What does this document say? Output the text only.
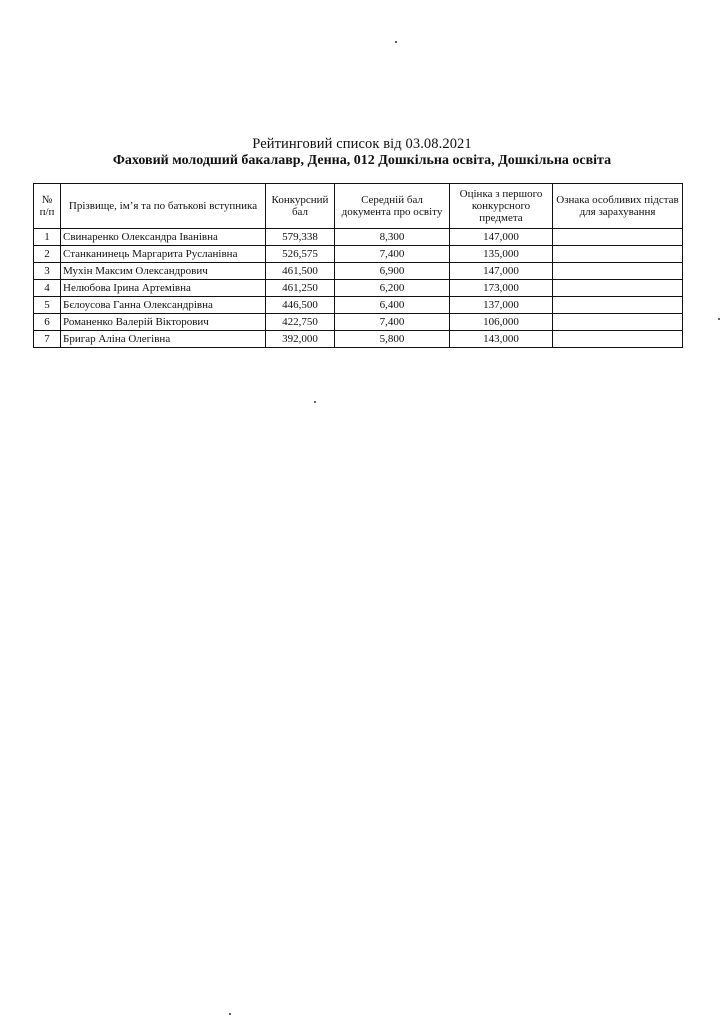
Рейтинговий список від 03.08.2021
Фаховий молодший бакалавр, Денна, 012 Дошкільна освіта, Дошкільна освіта
№ п/п	Прізвище, ім’я та по батькові вступника	Конкурсний бал	Середній бал документа про освіту	Оцінка з першого конкурсного предмета	Ознака особливих підстав для зарахування
1	Свинаренко Олександра Іванівна	579,338	8,300	147,000	
2	Станканинець Маргарита Русланівна	526,575	7,400	135,000	
3	Мухін Максим Олександрович	461,500	6,900	147,000	
4	Нелюбова Ірина Артемівна	461,250	6,200	173,000	
5	Бєлоусова Ганна Олександрівна	446,500	6,400	137,000	
6	Романенко Валерій Вікторович	422,750	7,400	106,000	
7	Бригар Аліна Олегівна	392,000	5,800	143,000	
